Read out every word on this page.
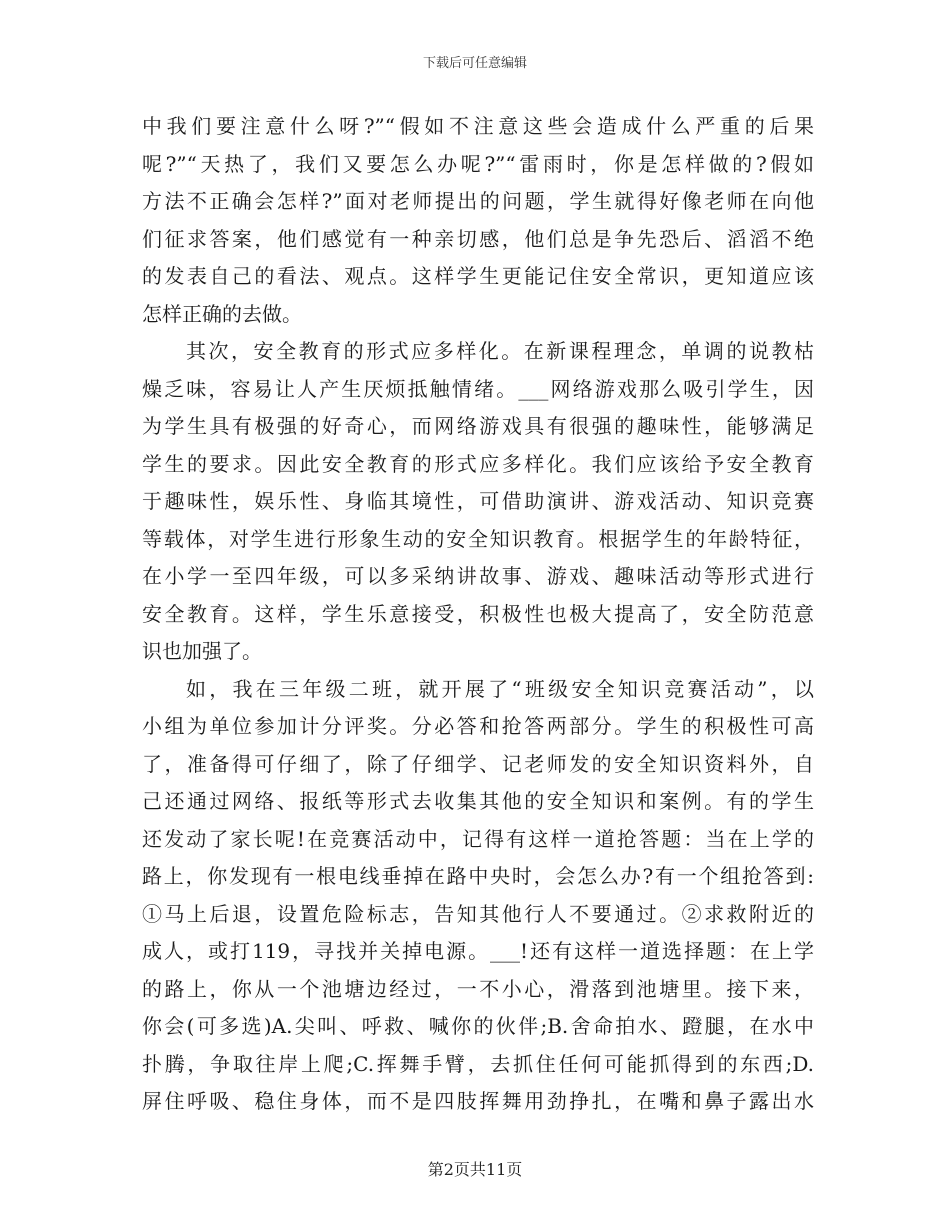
下载后可任意编辑
中我们要注意什么呀?”“假如不注意这些会造成什么严重的后果
呢?”“天热了，我们又要怎么办呢?”“雷雨时，你是怎样做的?假如
方法不正确会怎样?”面对老师提出的问题，学生就得好像老师在向他
们征求答案，他们感觉有一种亲切感，他们总是争先恐后、滔滔不绝
的发表自己的看法、观点。这样学生更能记住安全常识，更知道应该
怎样正确的去做。
其次，安全教育的形式应多样化。在新课程理念，单调的说教枯
燥乏味，容易让人产生厌烦抵触情绪。___网络游戏那么吸引学生，因
为学生具有极强的好奇心，而网络游戏具有很强的趣味性，能够满足
学生的要求。因此安全教育的形式应多样化。我们应该给予安全教育
于趣味性，娱乐性、身临其境性，可借助演讲、游戏活动、知识竞赛
等载体，对学生进行形象生动的安全知识教育。根据学生的年龄特征，
在小学一至四年级，可以多采纳讲故事、游戏、趣味活动等形式进行
安全教育。这样，学生乐意接受，积极性也极大提高了，安全防范意
识也加强了。
如，我在三年级二班，就开展了“班级安全知识竞赛活动”，以
小组为单位参加计分评奖。分必答和抢答两部分。学生的积极性可高
了，准备得可仔细了，除了仔细学、记老师发的安全知识资料外，自
己还通过网络、报纸等形式去收集其他的安全知识和案例。有的学生
还发动了家长呢!在竞赛活动中，记得有这样一道抢答题：当在上学的
路上，你发现有一根电线垂掉在路中央时，会怎么办?有一个组抢答到:
①马上后退，设置危险标志，告知其他行人不要通过。②求救附近的
成人，或打119，寻找并关掉电源。___!还有这样一道选择题：在上学
的路上，你从一个池塘边经过，一不小心，滑落到池塘里。接下来，
你会(可多选)A.尖叫、呼救、喊你的伙伴;B.舍命拍水、蹬腿，在水中
扑腾，争取往岸上爬;C.挥舞手臂，去抓住任何可能抓得到的东西;D.
屏住呼吸、稳住身体，而不是四肢挥舞用劲挣扎，在嘴和鼻子露出水
第2页共11页
